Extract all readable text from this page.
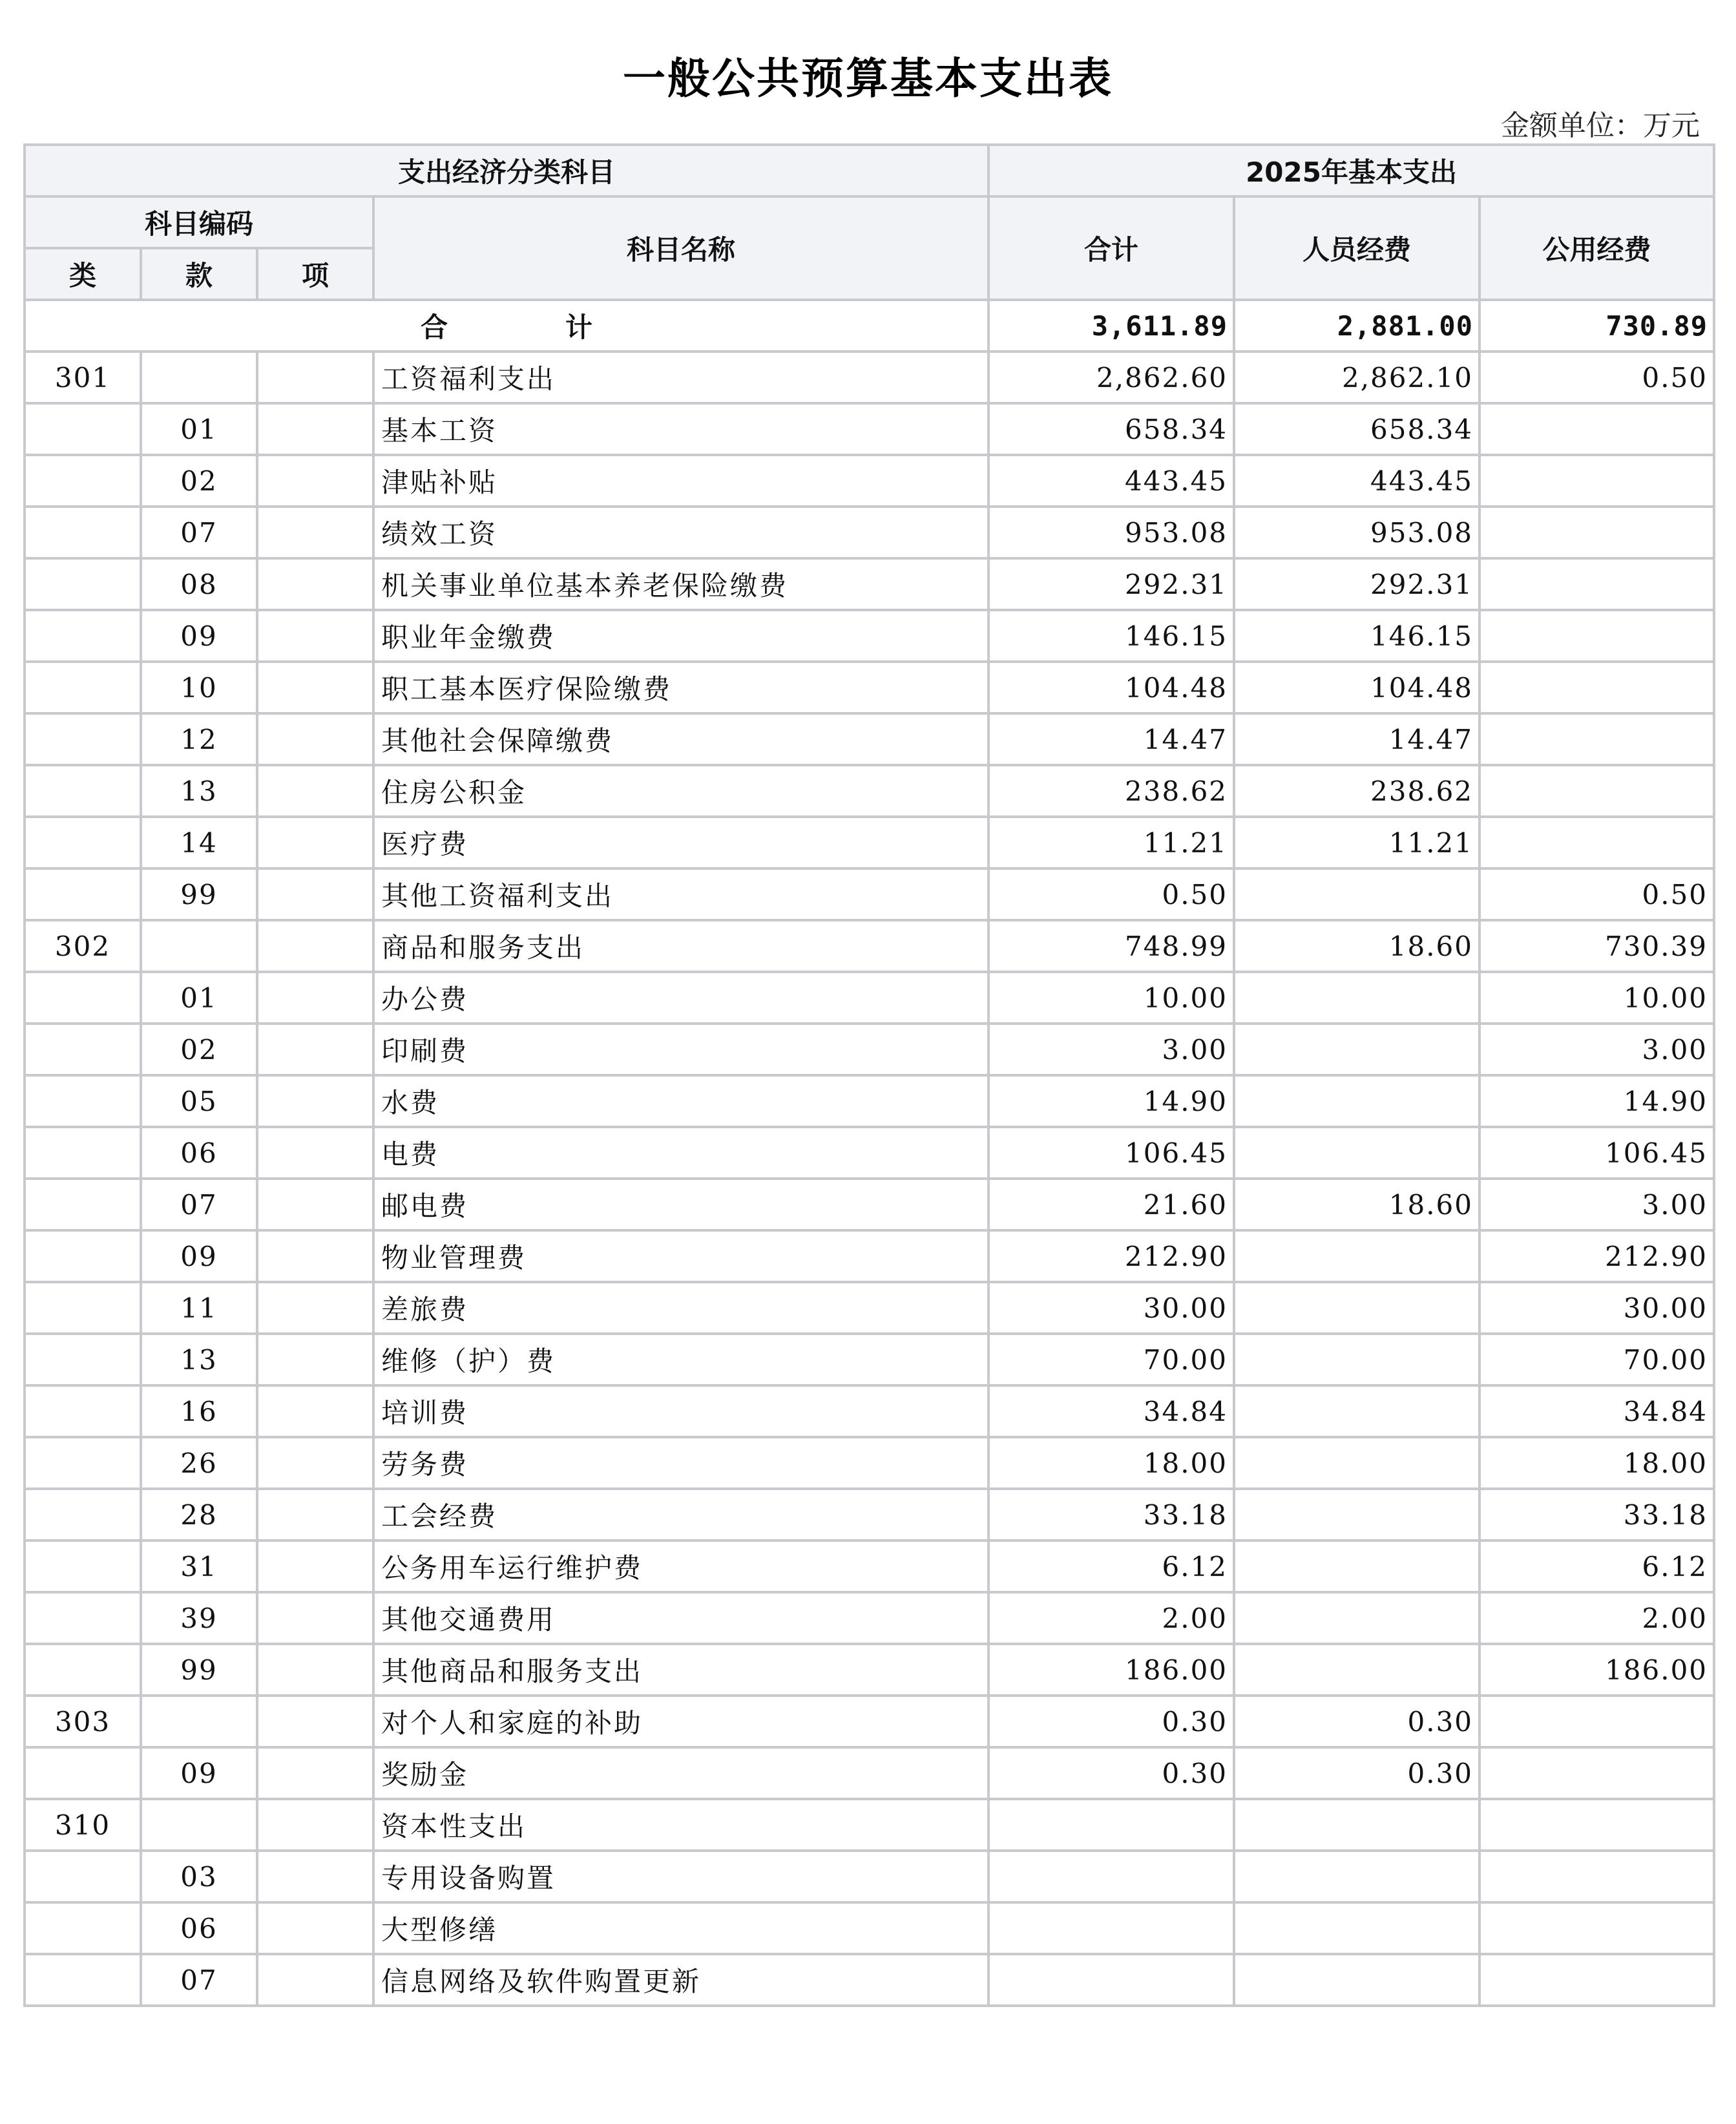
一般公共预算基本支出表
金额单位：万元
支出经济分类科目				2025年基本支出		
科目编码			科目名称	合计	人员经费	公用经费
类	款	项				
合　计				3,611.89	2,881.00	730.89
301			工资福利支出	2,862.60	2,862.10	0.50
	01		基本工资	658.34	658.34	
	02		津贴补贴	443.45	443.45	
	07		绩效工资	953.08	953.08	
	08		机关事业单位基本养老保险缴费	292.31	292.31	
	09		职业年金缴费	146.15	146.15	
	10		职工基本医疗保险缴费	104.48	104.48	
	12		其他社会保障缴费	14.47	14.47	
	13		住房公积金	238.62	238.62	
	14		医疗费	11.21	11.21	
	99		其他工资福利支出	0.50		0.50
302			商品和服务支出	748.99	18.60	730.39
	01		办公费	10.00		10.00
	02		印刷费	3.00		3.00
	05		水费	14.90		14.90
	06		电费	106.45		106.45
	07		邮电费	21.60	18.60	3.00
	09		物业管理费	212.90		212.90
	11		差旅费	30.00		30.00
	13		维修（护）费	70.00		70.00
	16		培训费	34.84		34.84
	26		劳务费	18.00		18.00
	28		工会经费	33.18		33.18
	31		公务用车运行维护费	6.12		6.12
	39		其他交通费用	2.00		2.00
	99		其他商品和服务支出	186.00		186.00
303			对个人和家庭的补助	0.30	0.30	
	09		奖励金	0.30	0.30	
310			资本性支出			
	03		专用设备购置			
	06		大型修缮			
	07		信息网络及软件购置更新			
